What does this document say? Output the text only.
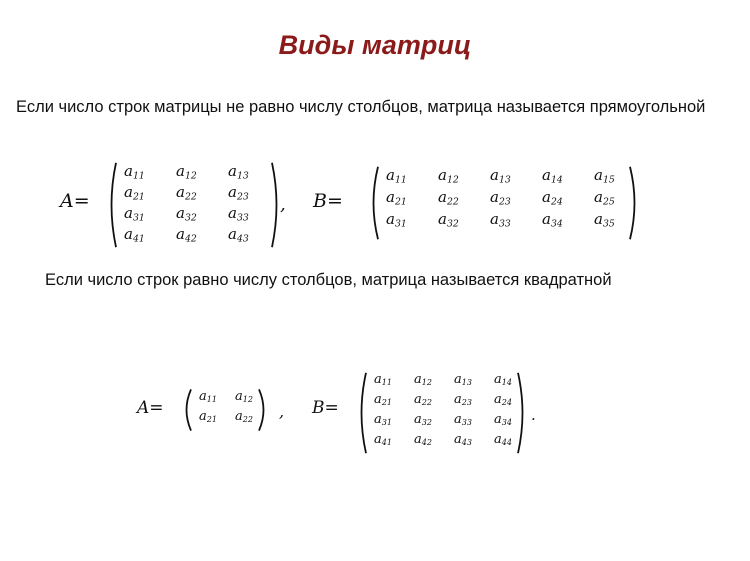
Виды матриц
Если число строк матрицы не равно числу столбцов, матрица называется прямоугольной
Если число строк равно числу столбцов, матрица называется квадратной
A=
$a_{11}$ $a_{12}$ $a_{13}$
$a_{21}$ $a_{22}$ $a_{23}$
$a_{31}$ $a_{32}$ $a_{33}$
$a_{41}$ $a_{42}$ $a_{43}$
, B=
$a_{11}$ $a_{12}$ $a_{13}$ $a_{14}$ $a_{15}$
$a_{21}$ $a_{22}$ $a_{23}$ $a_{24}$ $a_{25}$
$a_{31}$ $a_{32}$ $a_{33}$ $a_{34}$ $a_{35}$
A=
$a_{11}$ $a_{12}$
$a_{21}$ $a_{22}$ , B=
$a_{11}$ $a_{12}$ $a_{13}$ $a_{14}$
$a_{21}$ $a_{22}$ $a_{23}$ $a_{24}$
$a_{31}$ $a_{32}$ $a_{33}$ $a_{34}$
$a_{41}$ $a_{42}$ $a_{43}$ $a_{44}$
.
